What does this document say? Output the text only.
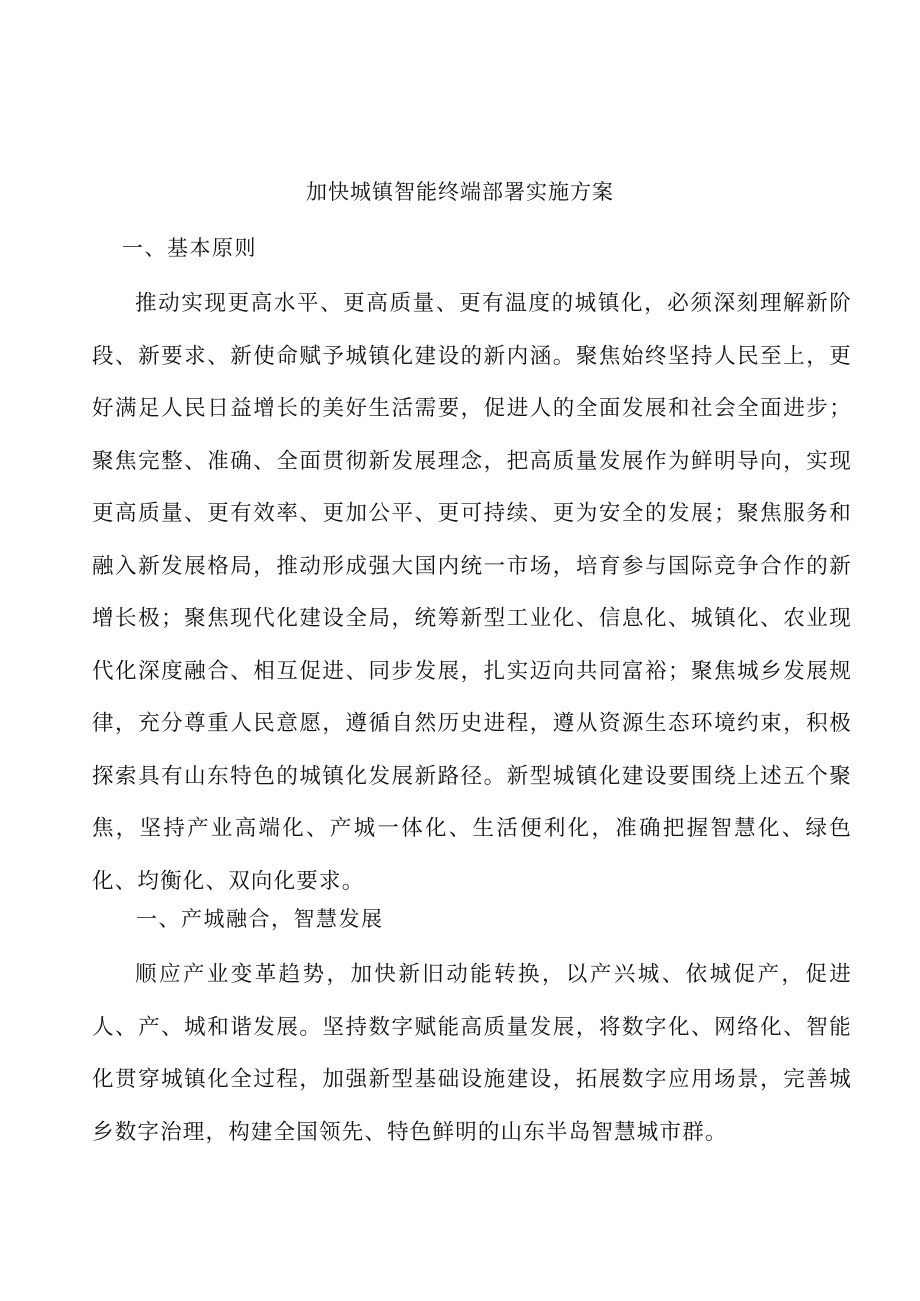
加快城镇智能终端部署实施方案
一、基本原则

推动实现更高水平、更高质量、更有温度的城镇化，必须深刻理解新阶段、新要求、新使命赋予城镇化建设的新内涵。聚焦始终坚持人民至上，更好满足人民日益增长的美好生活需要，促进人的全面发展和社会全面进步；聚焦完整、准确、全面贯彻新发展理念，把高质量发展作为鲜明导向，实现更高质量、更有效率、更加公平、更可持续、更为安全的发展；聚焦服务和融入新发展格局，推动形成强大国内统一市场，培育参与国际竞争合作的新增长极；聚焦现代化建设全局，统筹新型工业化、信息化、城镇化、农业现代化深度融合、相互促进、同步发展，扎实迈向共同富裕；聚焦城乡发展规律，充分尊重人民意愿，遵循自然历史进程，遵从资源生态环境约束，积极探索具有山东特色的城镇化发展新路径。新型城镇化建设要围绕上述五个聚焦，坚持产业高端化、产城一体化、生活便利化，准确把握智慧化、绿色化、均衡化、双向化要求。

一、产城融合，智慧发展

顺应产业变革趋势，加快新旧动能转换，以产兴城、依城促产，促进人、产、城和谐发展。坚持数字赋能高质量发展，将数字化、网络化、智能化贯穿城镇化全过程，加强新型基础设施建设，拓展数字应用场景，完善城乡数字治理，构建全国领先、特色鲜明的山东半岛智慧城市群。
